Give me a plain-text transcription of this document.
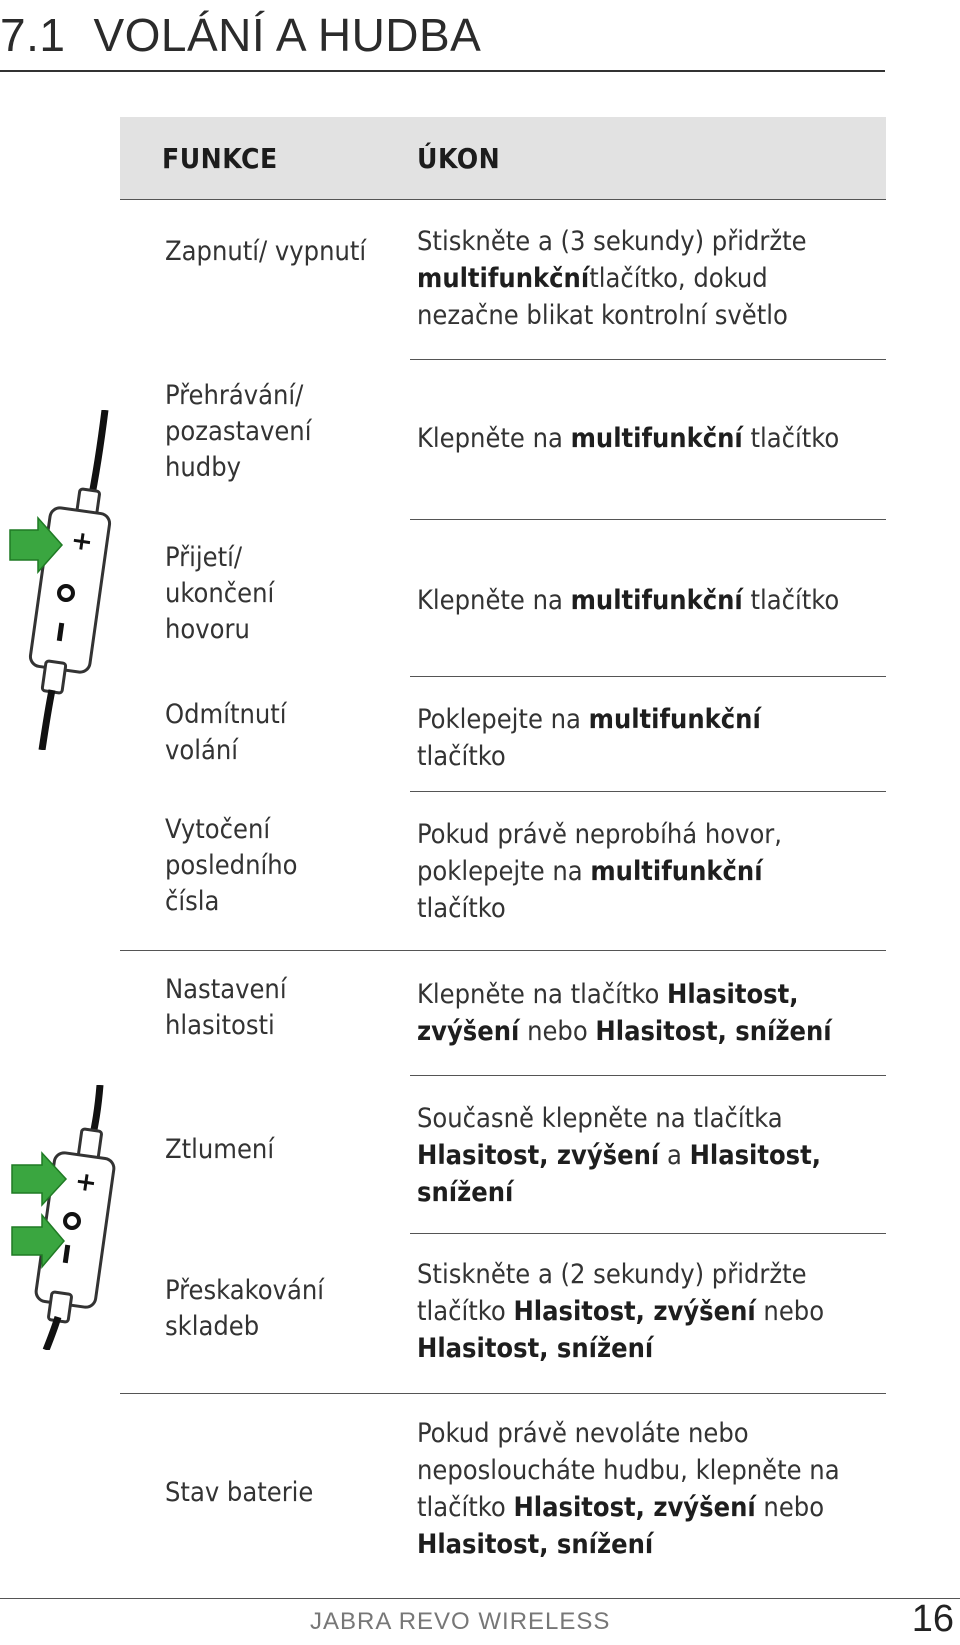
7.1 VOLÁNÍ A HUDBA
FUNKCE	ÚKON
Zapnutí/ vypnutí
Přehrávání/ pozastavení hudby
Přijetí/ ukončení hovoru
Odmítnutí volání
Vytočení posledního čísla
Nastavení hlasitosti
Ztlumení
Přeskakování skladeb
Stav baterie
Stiskněte a (3 sekundy) přidržte multifunkčnítlačítko, dokud nezačne blikat kontrolní světlo
Klepněte na multifunkční tlačítko
Klepněte na multifunkční tlačítko
Poklepejte na multifunkční tlačítko
Pokud právě neprobíhá hovor, poklepejte na multifunkční tlačítko
Klepněte na tlačítko Hlasitost, zvýšení nebo Hlasitost, snížení
Současně klepněte na tlačítka Hlasitost, zvýšení a Hlasitost, snížení
Stiskněte a (2 sekundy) přidržte tlačítko Hlasitost, zvýšení nebo Hlasitost, snížení
Pokud právě nevoláte nebo neposloucháte hudbu, klepněte na tlačítko Hlasitost, zvýšení nebo Hlasitost, snížení
+
+
JABRA REVO WIRELESS	16
